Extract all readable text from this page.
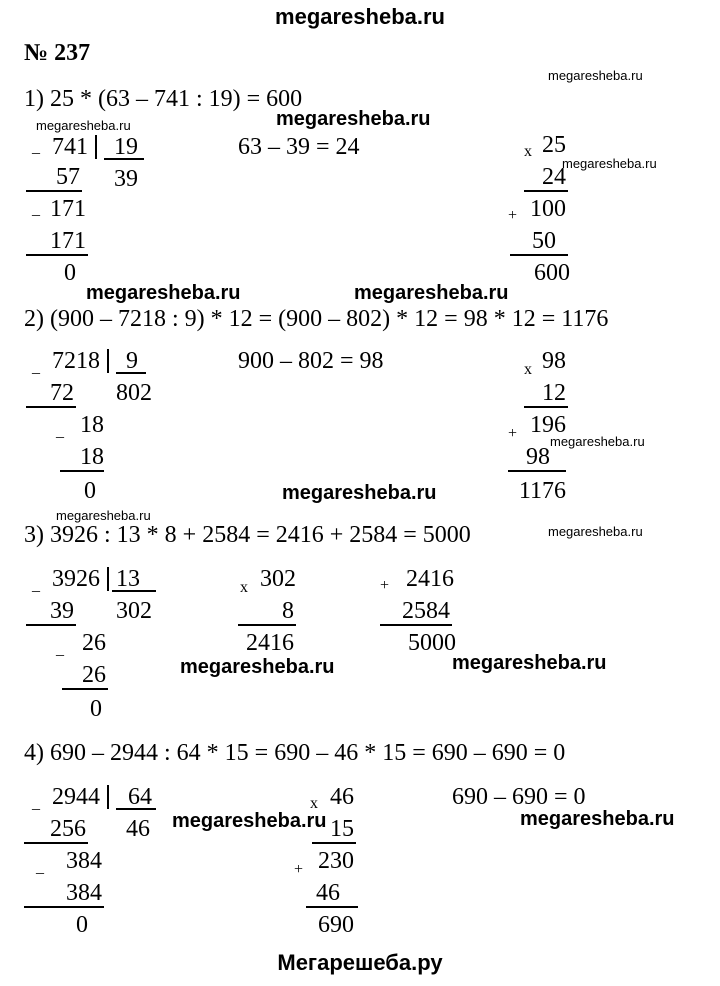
megaresheba.ru
№ 237
1) 25 * (63 – 741 : 19) = 600
_ 741 19
39
57
_ 171
171
0
63 – 39 = 24	x 25
24
+ 100
50
600
2) (900 – 7218 : 9) * 12 = (900 – 802) * 12 = 98 * 12 = 1176
_ 7218 9
802
72
_ 18
18
0
900 – 802 = 98	x 98
12
+ 196
98
1176
3) 3926 : 13 * 8 + 2584 = 2416 + 2584 = 5000
_ 3926 13
302
39
_ 26
26
0
x 302
8
2416
+ 2416
2584
5000
4) 690 – 2944 : 64 * 15 = 690 – 46 * 15 = 690 – 690 = 0
_ 2944 64
46
256
_ 384
384
0
x 46
15
+ 230
46
690
690 – 690 = 0
megaresheba.ru
megaresheba.ru
megaresheba.ru
megaresheba.ru
megaresheba.ru	megaresheba.ru
megaresheba.ru
megaresheba.ru
megaresheba.ru
megaresheba.ru
megaresheba.ru	megaresheba.ru
megaresheba.ru	megaresheba.ru
Мегарешеба.ру
